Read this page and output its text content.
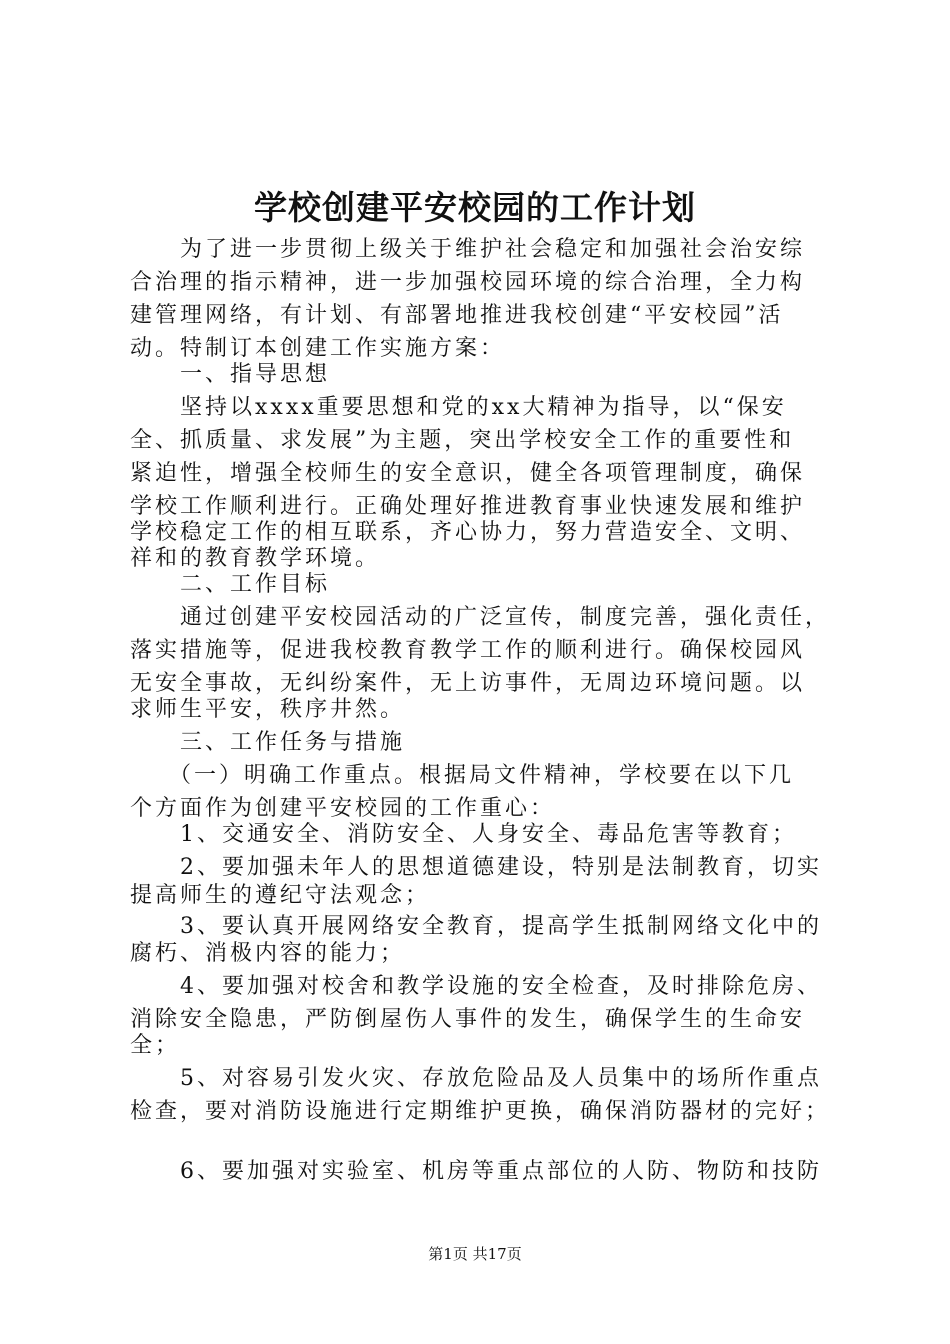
学校创建平安校园的工作计划
　　为了进一步贯彻上级关于维护社会稳定和加强社会治安综
合治理的指示精神，进一步加强校园环境的综合治理，全力构
建管理网络，有计划、有部署地推进我校创建“平安校园”活
动。特制订本创建工作实施方案：
　　一、指导思想
　　坚持以xxxx重要思想和党的xx大精神为指导，以“保安
全、抓质量、求发展”为主题，突出学校安全工作的重要性和
紧迫性，增强全校师生的安全意识，健全各项管理制度，确保
学校工作顺利进行。正确处理好推进教育事业快速发展和维护
学校稳定工作的相互联系，齐心协力，努力营造安全、文明、
祥和的教育教学环境。
　　二、工作目标
　　通过创建平安校园活动的广泛宣传，制度完善，强化责任，
落实措施等，促进我校教育教学工作的顺利进行。确保校园风
无安全事故，无纠纷案件，无上访事件，无周边环境问题。以
求师生平安，秩序井然。
　　三、工作任务与措施
　　（一）明确工作重点。根据局文件精神，学校要在以下几
个方面作为创建平安校园的工作重心：
　　1、交通安全、消防安全、人身安全、毒品危害等教育；
　　2、要加强未年人的思想道德建设，特别是法制教育，切实
提高师生的遵纪守法观念；
　　3、要认真开展网络安全教育，提高学生抵制网络文化中的
腐朽、消极内容的能力；
　　4、要加强对校舍和教学设施的安全检查，及时排除危房、
消除安全隐患，严防倒屋伤人事件的发生，确保学生的生命安
全；
　　5、对容易引发火灾、存放危险品及人员集中的场所作重点
检查，要对消防设施进行定期维护更换，确保消防器材的完好；
　　6、要加强对实验室、机房等重点部位的人防、物防和技防
第1页 共17页
